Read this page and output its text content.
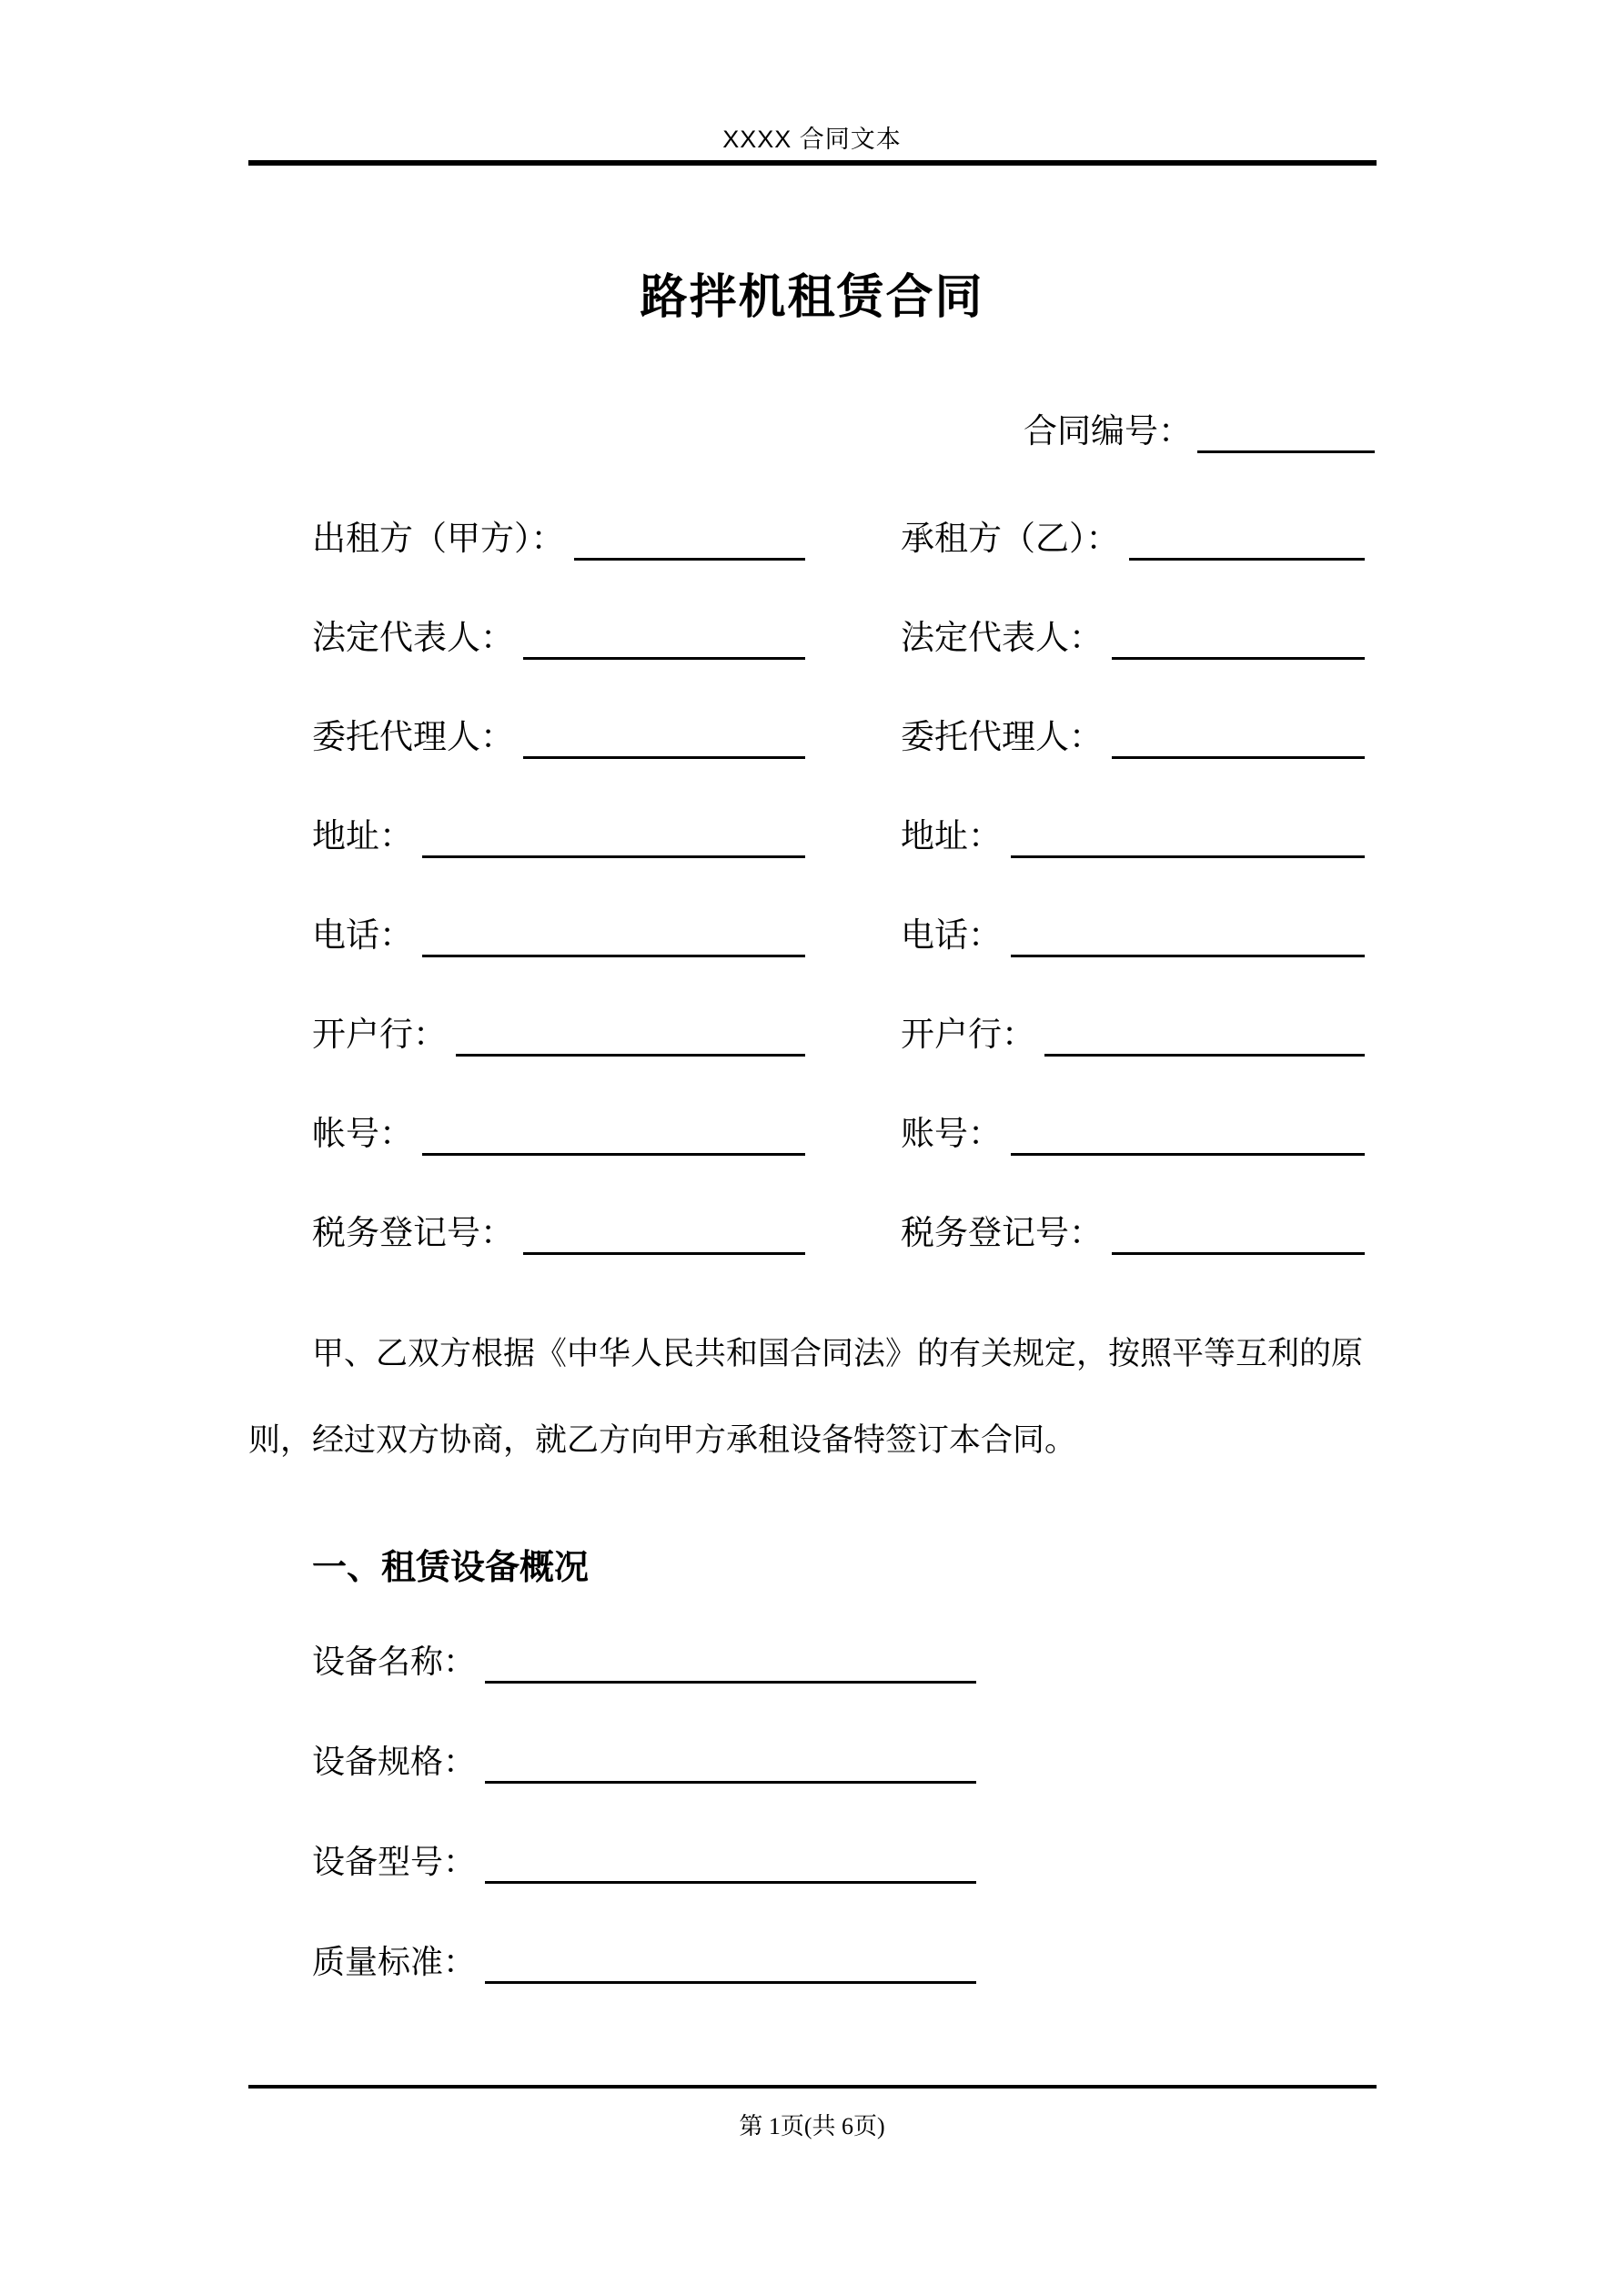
XXXX 合同文本
路拌机租赁合同
合同编号：
出租方（甲方）：	承租方（乙）：
法定代表人：	法定代表人：
委托代理人：	委托代理人：
地址：	地址：
电话：	电话：
开户行：	开户行：
帐号：	账号：
税务登记号：	税务登记号：

甲、乙双方根据《中华人民共和国合同法》的有关规定，按照平等互利的原则，经过双方协商，就乙方向甲方承租设备特签订本合同。

一、租赁设备概况
设备名称：
设备规格：
设备型号：
质量标准：
第 1页(共 6页)
